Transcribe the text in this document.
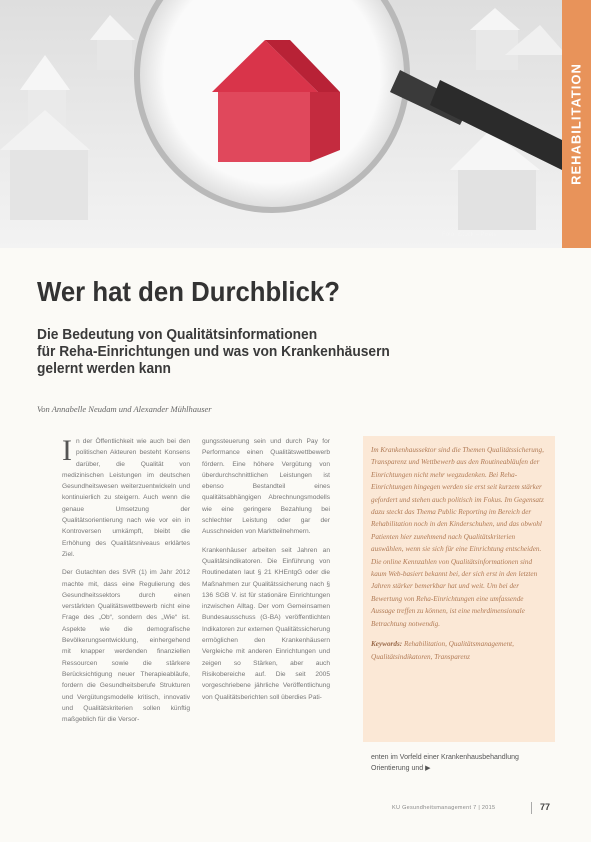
Foto: iStock – Pixels
REHABILITATION
Wer hat den Durchblick?
Die Bedeutung von Qualitätsinformationen
für Reha-Einrichtungen und was von Krankenhäusern
gelernt werden kann
Von Annabelle Neudam und Alexander Mühlhauser

In der Öffentlichkeit wie auch bei den politischen Akteuren besteht Konsens darüber, die Qualität von medizinischen Leistungen im deutschen Gesundheitswesen weiterzuentwickeln und kontinuierlich zu steigern. Auch wenn die genaue Umsetzung der Qualitätsorientierung nach wie vor ein in Kontroversen umkämpft, bleibt die Erhöhung des Qualitätsniveaus erklärtes Ziel.

Der Gutachten des SVR (1) im Jahr 2012 machte mit, dass eine Regulierung des Gesundheitssektors durch einen verstärkten Qualitätswettbewerb nicht eine Frage des „Ob“, sondern des „Wie“ ist. Aspekte wie die demografische Bevölkerungsentwicklung, einhergehend mit knapper werdenden finanziellen Ressourcen sowie die stärkere Berücksichtigung neuer Therapieabläufe, fordern die Gesundheitsberufe Strukturen und Vergütungsmodelle kritisch, innovativ und Qualitätskriterien sollen künftig maßgeblich für die Versor-

gungssteuerung sein und durch Pay for Performance einen Qualitätswettbewerb fördern. Eine höhere Vergütung von überdurchschnittlichen Leistungen ist ebenso Bestandteil eines qualitätsabhängigen Abrechnungsmodells wie eine geringere Bezahlung bei schlechter Leistung oder gar der Ausschneiden von Marktteilnehmern.

Krankenhäuser arbeiten seit Jahren an Qualitätsindikatoren. Die Einführung von Routinedaten laut § 21 KHEntgG oder die Maßnahmen zur Qualitätssicherung nach § 136 SGB V. ist für stationäre Einrichtungen inzwischen Alltag. Der vom Gemeinsamen Bundesausschuss (G-BA) veröffentlichten Indikatoren zur externen Qualitätssicherung ermöglichen den Krankenhäusern Vergleiche mit anderen Einrichtungen und zeigen so Stärken, aber auch Risikobereiche auf. Die seit 2005 vorgeschriebene jährliche Veröffentlichung von Qualitätsberichten soll überdies Pati-

Im Krankenhaussektor sind die Themen Qualitätssicherung, Transparenz und Wettbewerb aus den Routineabläufen der Einrichtungen nicht mehr wegzudenken. Bei Reha-Einrichtungen hingegen werden sie erst seit kurzem stärker gefordert und stehen auch politisch im Fokus. Im Gegensatz dazu steckt das Thema Public Reporting im Bereich der Rehabilitation noch in den Kinderschuhen, und das obwohl Patienten hier zunehmend nach Qualitätskriterien auswählen, wenn sie sich für eine Einrichtung entscheiden. Die online Kennzahlen von Qualitätsinformationen sind kaum Web-basiert bekannt bei, der sich erst in den letzten Jahren stärker bemerkbar hat und weit. Um bei der Bewertung von Reha-Einrichtungen eine umfassende Aussage treffen zu können, ist eine mehrdimensionale Betrachtung notwendig.

Keywords: Rehabilitation, Qualitätsmanagement, Qualitätsindikatoren, Transparenz

enten im Vorfeld einer Krankenhausbehandlung Orientierung und ▶
KU Gesundheitsmanagement 7 | 2015	77
